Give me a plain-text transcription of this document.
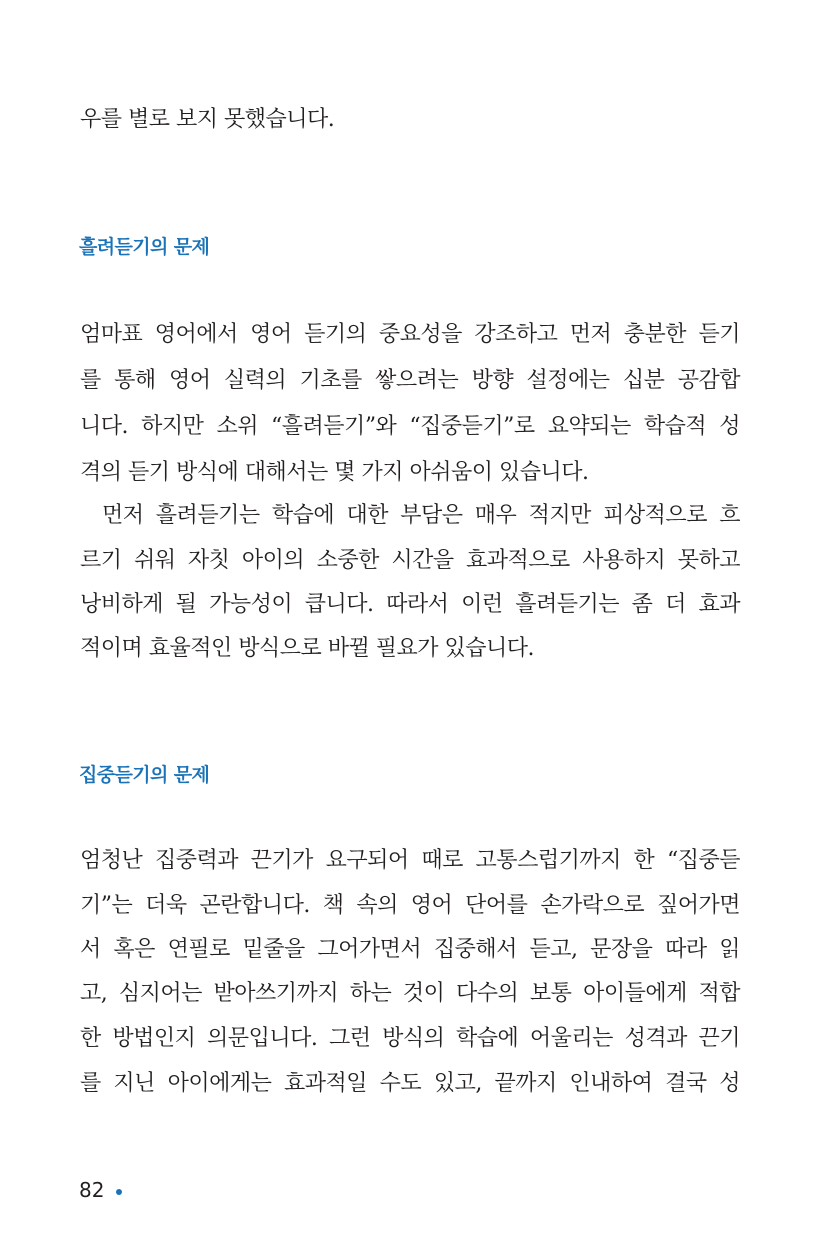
우를 별로 보지 못했습니다.
흘려듣기의 문제
엄마표 영어에서 영어 듣기의 중요성을 강조하고 먼저 충분한 듣기
를 통해 영어 실력의 기초를 쌓으려는 방향 설정에는 십분 공감합
니다. 하지만 소위 “흘려듣기”와 “집중듣기”로 요약되는 학습적 성
격의 듣기 방식에 대해서는 몇 가지 아쉬움이 있습니다.
먼저 흘려듣기는 학습에 대한 부담은 매우 적지만 피상적으로 흐
르기 쉬워 자칫 아이의 소중한 시간을 효과적으로 사용하지 못하고
낭비하게 될 가능성이 큽니다. 따라서 이런 흘려듣기는 좀 더 효과
적이며 효율적인 방식으로 바뀔 필요가 있습니다.
집중듣기의 문제
엄청난 집중력과 끈기가 요구되어 때로 고통스럽기까지 한 “집중듣
기”는 더욱 곤란합니다. 책 속의 영어 단어를 손가락으로 짚어가면
서 혹은 연필로 밑줄을 그어가면서 집중해서 듣고, 문장을 따라 읽
고, 심지어는 받아쓰기까지 하는 것이 다수의 보통 아이들에게 적합
한 방법인지 의문입니다. 그런 방식의 학습에 어울리는 성격과 끈기
를 지닌 아이에게는 효과적일 수도 있고, 끝까지 인내하여 결국 성
82
